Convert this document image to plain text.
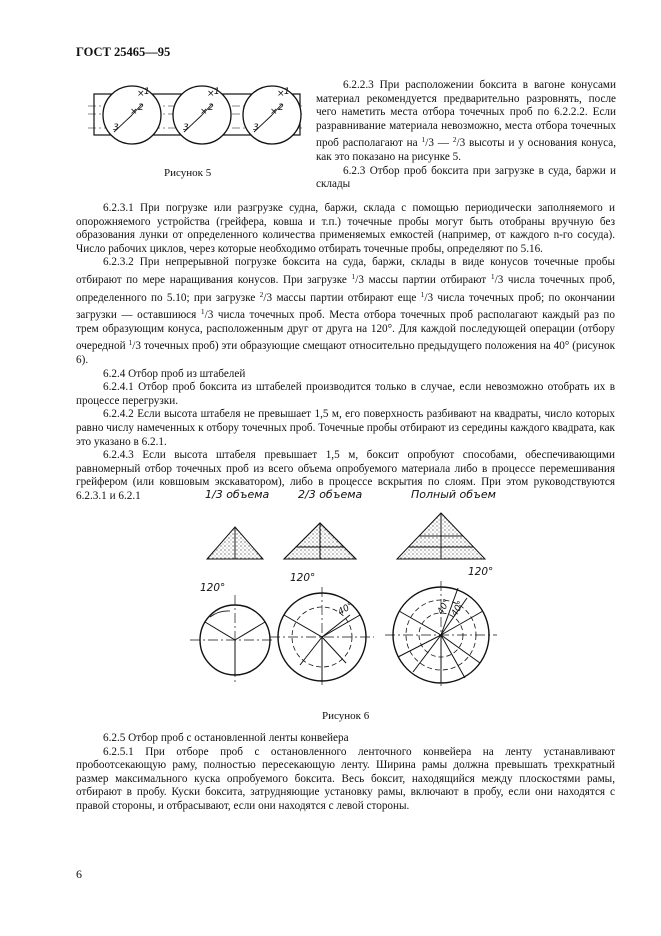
ГОСТ 25465—95
×	×	×
×	×	×
1
2
3
1
2
3
1
2
3
Рисунок 5

6.2.2.3 При расположении боксита в вагоне конусами материал рекомендуется предварительно разровнять, после чего наметить места отбора точечных проб по 6.2.2.2. Если разравнивание материала невозможно, места отбора точечных проб располагают на $^1$/3 — $^2$/3 высоты и у основания конуса, как это показано на рисунке 5.

6.2.3 Отбор проб боксита при загрузке в суда, баржи и склады

6.2.3.1 При погрузке или разгрузке судна, баржи, склада с помощью периодически заполняемого и опорожняемого устройства (грейфера, ковша и т.п.) точечные пробы могут быть отобраны вручную без образования лунки от определенного количества применяемых емкостей (например, от каждого n-го сосуда). Число рабочих циклов, через которые необходимо отбирать точечные пробы, определяют по 5.16.

6.2.3.2 При непрерывной погрузке боксита на суда, баржи, склады в виде конусов точечные пробы отбирают по мере наращивания конусов. При загрузке $^1$/3 массы партии отбирают $^1$/3 числа точечных проб, определенного по 5.10; при загрузке $^2$/3 массы партии отбирают еще $^1$/3 числа точечных проб; по окончании загрузки — оставшиюся $^1$/3 числа точечных проб. Места отбора точечных проб располагают каждый раз по трем образующим конуса, расположенным друг от друга на 120°. Для каждой последующей операции (отбору очередной $^1$/3 точечных проб) эти образующие смещают относительно предыдущего положения на 40° (рисунок 6).

6.2.4 Отбор проб из штабелей

6.2.4.1 Отбор проб боксита из штабелей производится только в случае, если невозможно отобрать их в процессе перегрузки.

6.2.4.2 Если высота штабеля не превышает 1,5 м, его поверхность разбивают на квадраты, число которых равно числу намеченных к отбору точечных проб. Точечные пробы отбирают из середины каждого квадрата, как это указано в 6.2.1.

6.2.4.3 Если высота штабеля превышает 1,5 м, боксит опробуют способами, обеспечивающими равномерный отбор точечных проб из всего объема опробуемого материала либо в процессе перемешивания грейфером (или ковшовым экскаватором), либо в процессе вскрытия по слоям. При этом руководствуются 6.2.3.1 и 6.2.1	1/3 объема	2/3 объема	Полный объем
120°
120°
40°
120°
40°
40°
Рисунок 6

6.2.5 Отбор проб с остановленной ленты конвейера

6.2.5.1 При отборе проб с остановленного ленточного конвейера на ленту устанавливают пробоотсекающую раму, полностью пересекающую ленту. Ширина рамы должна превышать трехкратный размер максимального куска опробуемого боксита. Весь боксит, находящийся между плоскостями рамы, отбирают в пробу. Куски боксита, затрудняющие установку рамы, включают в пробу, если они находятся с правой стороны, и отбрасывают, если они находятся с левой стороны.

6
